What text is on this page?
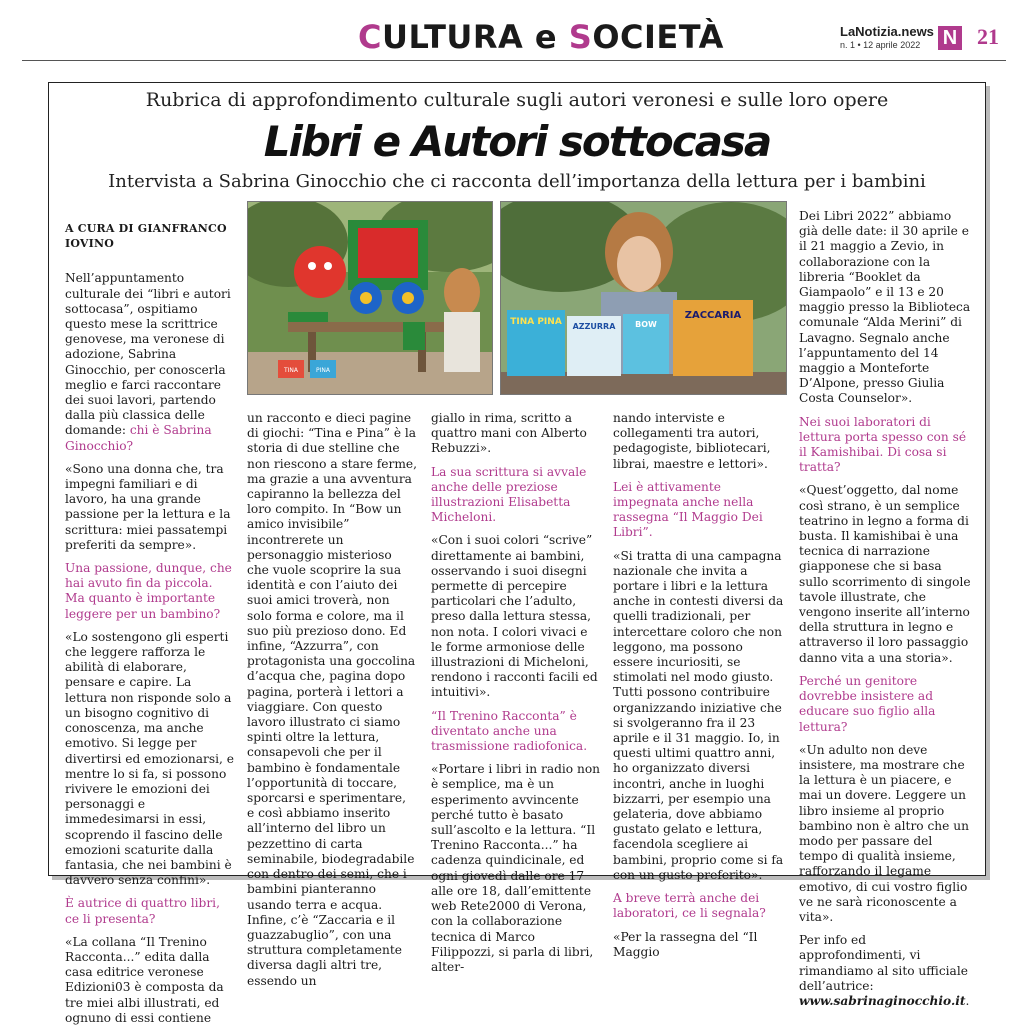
CULTURA e SOCIETÀ	LaNotizia.news
n. 1 • 12 aprile 2022	N 21
Rubrica di approfondimento culturale sugli autori veronesi e sulle loro opere
Libri e Autori sottocasa
Intervista a Sabrina Ginocchio che ci racconta dell’importanza della lettura per i bambini
A CURA DI GIANFRANCO IOVINO

Nell’appuntamento culturale dei “libri e autori sottocasa”, ospitiamo questo mese la scrittrice genovese, ma veronese di adozione, Sabrina Ginocchio, per conoscerla meglio e farci raccontare dei suoi lavori, partendo dalla più classica delle domande: chi è Sabrina Ginocchio?

«Sono una donna che, tra impegni familiari e di lavoro, ha una grande passione per la lettura e la scrittura: miei passatempi preferiti da sempre».

Una passione, dunque, che hai avuto fin da piccola. Ma quanto è importante leggere per un bambino?

«Lo sostengono gli esperti che leggere rafforza le abilità di elaborare, pensare e capire. La lettura non risponde solo a un bisogno cognitivo di conoscenza, ma anche emotivo. Si legge per divertirsi ed emozionarsi, e mentre lo si fa, si possono rivivere le emozioni dei personaggi e immedesimarsi in essi, scoprendo il fascino delle emozioni scaturite dalla fantasia, che nei bambini è davvero senza confini».

È autrice di quattro libri, ce li presenta?

«La collana “Il Trenino Racconta...” edita dalla casa editrice veronese Edizioni03 è composta da tre miei albi illustrati, ed ognuno di essi contiene

TINA	PINA
TINA PINA AZZURRA BOW
ZACCARIA

un racconto e dieci pagine di giochi: “Tina e Pina” è la storia di due stelline che non riescono a stare ferme, ma grazie a una avventura capiranno la bellezza del loro compito. In “Bow un amico invisibile” incontrerete un personaggio misterioso che vuole scoprire la sua identità e con l’aiuto dei suoi amici troverà, non solo forma e colore, ma il suo più prezioso dono. Ed infine, “Azzurra”, con protagonista una goccolina d’acqua che, pagina dopo pagina, porterà i lettori a viaggiare. Con questo lavoro illustrato ci siamo spinti oltre la lettura, consapevoli che per il bambino è fondamentale l’opportunità di toccare, sporcarsi e sperimentare, e così abbiamo inserito all’interno del libro un pezzettino di carta seminabile, biodegradabile con dentro dei semi, che i bambini pianteranno usando terra e acqua. Infine, c’è “Zaccaria e il guazzabuglio”, con una struttura completamente diversa dagli altri tre, essendo un

giallo in rima, scritto a quattro mani con Alberto Rebuzzi».

La sua scrittura si avvale anche delle preziose illustrazioni Elisabetta Micheloni.

«Con i suoi colori “scrive” direttamente ai bambini, osservando i suoi disegni permette di percepire particolari che l’adulto, preso dalla lettura stessa, non nota. I colori vivaci e le forme armoniose delle illustrazioni di Micheloni, rendono i racconti facili ed intuitivi».

“Il Trenino Racconta” è diventato anche una trasmissione radiofonica.

«Portare i libri in radio non è semplice, ma è un esperimento avvincente perché tutto è basato sull’ascolto e la lettura. “Il Trenino Racconta...” ha cadenza quindicinale, ed ogni giovedì dalle ore 17 alle ore 18, dall’emittente web Rete2000 di Verona, con la collaborazione tecnica di Marco Filippozzi, si parla di libri, alter-

nando interviste e collegamenti tra autori, pedagogiste, bibliotecari, librai, maestre e lettori».

Lei è attivamente impegnata anche nella rassegna “Il Maggio Dei Libri”.

«Si tratta di una campagna nazionale che invita a portare i libri e la lettura anche in contesti diversi da quelli tradizionali, per intercettare coloro che non leggono, ma possono essere incuriositi, se stimolati nel modo giusto. Tutti possono contribuire organizzando iniziative che si svolgeranno fra il 23 aprile e il 31 maggio. Io, in questi ultimi quattro anni, ho organizzato diversi incontri, anche in luoghi bizzarri, per esempio una gelateria, dove abbiamo gustato gelato e lettura, facendola scegliere ai bambini, proprio come si fa con un gusto preferito».

A breve terrà anche dei laboratori, ce li segnala?

«Per la rassegna del “Il Maggio

Dei Libri 2022” abbiamo già delle date: il 30 aprile e il 21 maggio a Zevio, in collaborazione con la libreria “Booklet da Giampaolo” e il 13 e 20 maggio presso la Biblioteca comunale “Alda Merini” di Lavagno. Segnalo anche l’appuntamento del 14 maggio a Monteforte D’Alpone, presso Giulia Costa Counselor».

Nei suoi laboratori di lettura porta spesso con sé il Kamishibai. Di cosa si tratta?

«Quest’oggetto, dal nome così strano, è un semplice teatrino in legno a forma di busta. Il kamishibai è una tecnica di narrazione giapponese che si basa sullo scorrimento di singole tavole illustrate, che vengono inserite all’interno della struttura in legno e attraverso il loro passaggio danno vita a una storia».

Perché un genitore dovrebbe insistere ad educare suo figlio alla lettura?

«Un adulto non deve insistere, ma mostrare che la lettura è un piacere, e mai un dovere. Leggere un libro insieme al proprio bambino non è altro che un modo per passare del tempo di qualità insieme, rafforzando il legame emotivo, di cui vostro figlio ve ne sarà riconoscente a vita».

Per info ed approfondimenti, vi rimandiamo al sito ufficiale dell’autrice: www.sabrinaginocchio.it.
